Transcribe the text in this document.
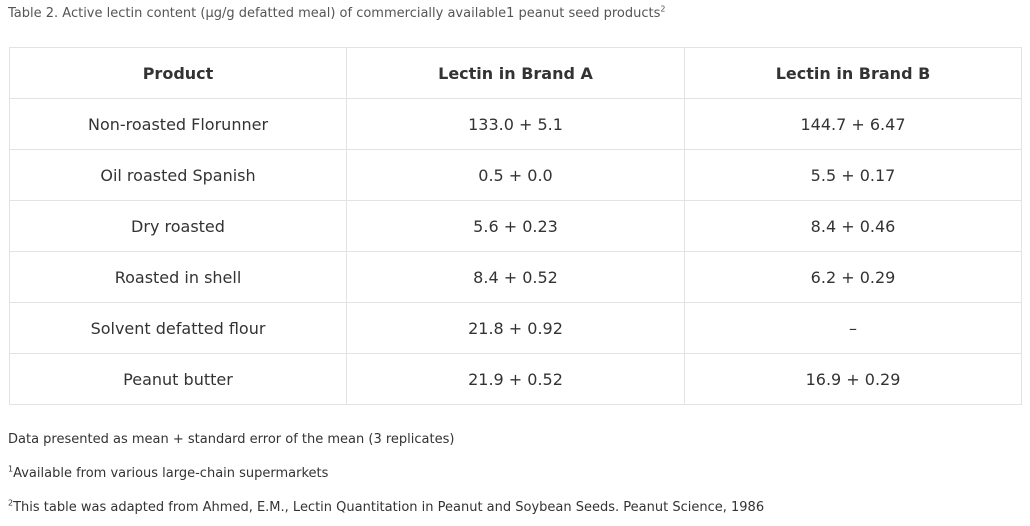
Table 2. Active lectin content (µg/g defatted meal) of commercially available1 peanut seed products$^2$
Product	Lectin in Brand A	Lectin in Brand B
Non-roasted Florunner	133.0 + 5.1	144.7 + 6.47
Oil roasted Spanish	0.5 + 0.0	5.5 + 0.17
Dry roasted	5.6 + 0.23	8.4 + 0.46
Roasted in shell	8.4 + 0.52	6.2 + 0.29
Solvent defatted flour	21.8 + 0.92	–
Peanut butter	21.9 + 0.52	16.9 + 0.29
Data presented as mean + standard error of the mean (3 replicates)
$^1$Available from various large-chain supermarkets
$^2$This table was adapted from Ahmed, E.M., Lectin Quantitation in Peanut and Soybean Seeds. Peanut Science, 1986
